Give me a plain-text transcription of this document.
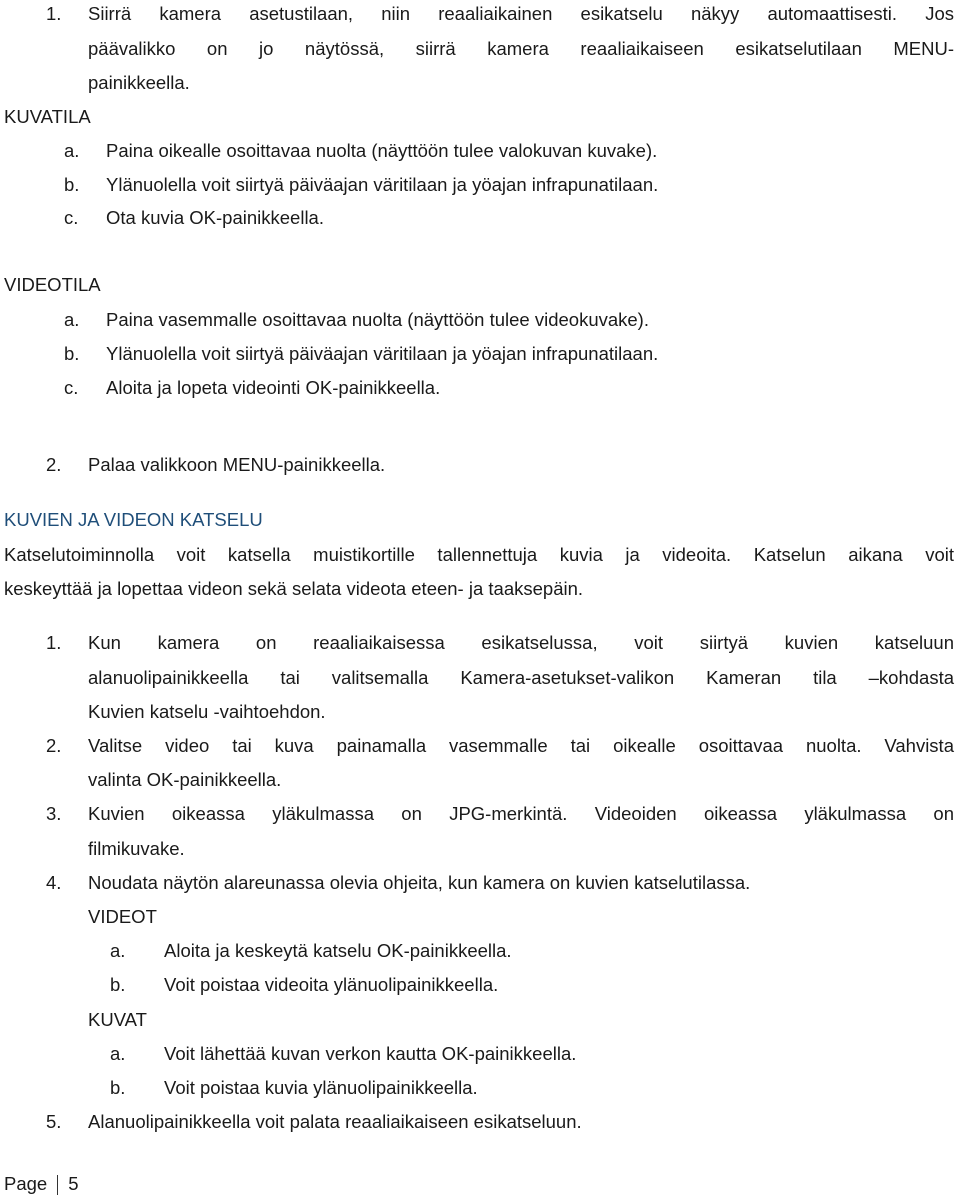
1. Siirrä kamera asetustilaan, niin reaaliaikainen esikatselu näkyy automaattisesti. Jos
päävalikko on jo näytössä, siirrä kamera reaaliaikaiseen esikatselutilaan MENU-
painikkeella.
KUVATILA
a. Paina oikealle osoittavaa nuolta (näyttöön tulee valokuvan kuvake).
b. Ylänuolella voit siirtyä päiväajan väritilaan ja yöajan infrapunatilaan.
c. Ota kuvia OK-painikkeella.
VIDEOTILA
a. Paina vasemmalle osoittavaa nuolta (näyttöön tulee videokuvake).
b. Ylänuolella voit siirtyä päiväajan väritilaan ja yöajan infrapunatilaan.
c. Aloita ja lopeta videointi OK-painikkeella.
2. Palaa valikkoon MENU-painikkeella.
KUVIEN JA VIDEON KATSELU
Katselutoiminnolla voit katsella muistikortille tallennettuja kuvia ja videoita. Katselun aikana voit
keskeyttää ja lopettaa videon sekä selata videota eteen- ja taaksepäin.
1. Kun kamera on reaaliaikaisessa esikatselussa, voit siirtyä kuvien katseluun
alanuolipainikkeella tai valitsemalla Kamera-asetukset-valikon Kameran tila –kohdasta
Kuvien katselu -vaihtoehdon.
2. Valitse video tai kuva painamalla vasemmalle tai oikealle osoittavaa nuolta. Vahvista
valinta OK-painikkeella.
3. Kuvien oikeassa yläkulmassa on JPG-merkintä. Videoiden oikeassa yläkulmassa on
filmikuvake.
4. Noudata näytön alareunassa olevia ohjeita, kun kamera on kuvien katselutilassa.
VIDEOT
a. Aloita ja keskeytä katselu OK-painikkeella.
b. Voit poistaa videoita ylänuolipainikkeella.
KUVAT
a. Voit lähettää kuvan verkon kautta OK-painikkeella.
b. Voit poistaa kuvia ylänuolipainikkeella.
5. Alanuolipainikkeella voit palata reaaliaikaiseen esikatseluun.
Page 5
